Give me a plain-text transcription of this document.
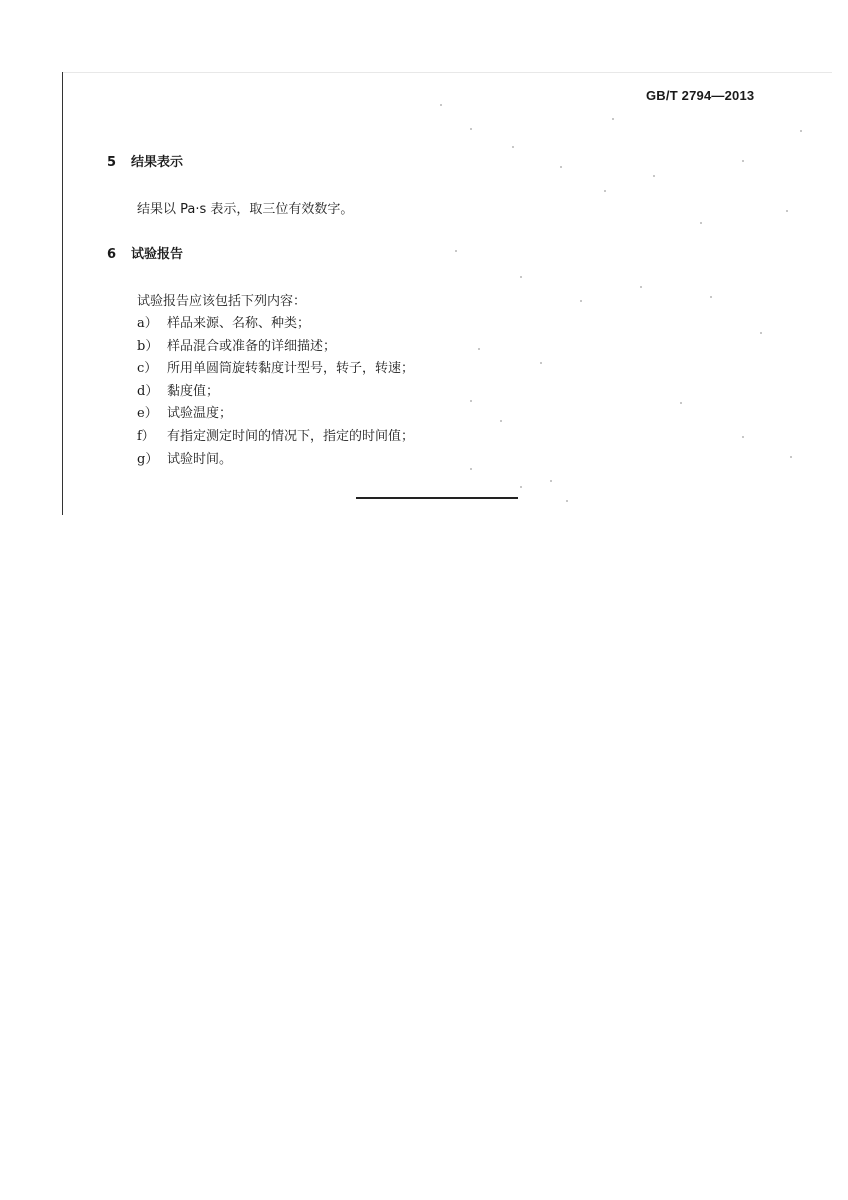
GB/T 2794—2013
5 结果表示
结果以 Pa·s 表示，取三位有效数字。
6 试验报告
试验报告应该包括下列内容：
a） 样品来源、名称、种类；
b） 样品混合或准备的详细描述；
c） 所用单圆筒旋转黏度计型号，转子，转速；
d） 黏度值；
e） 试验温度；
f） 有指定测定时间的情况下，指定的时间值；
g） 试验时间。
